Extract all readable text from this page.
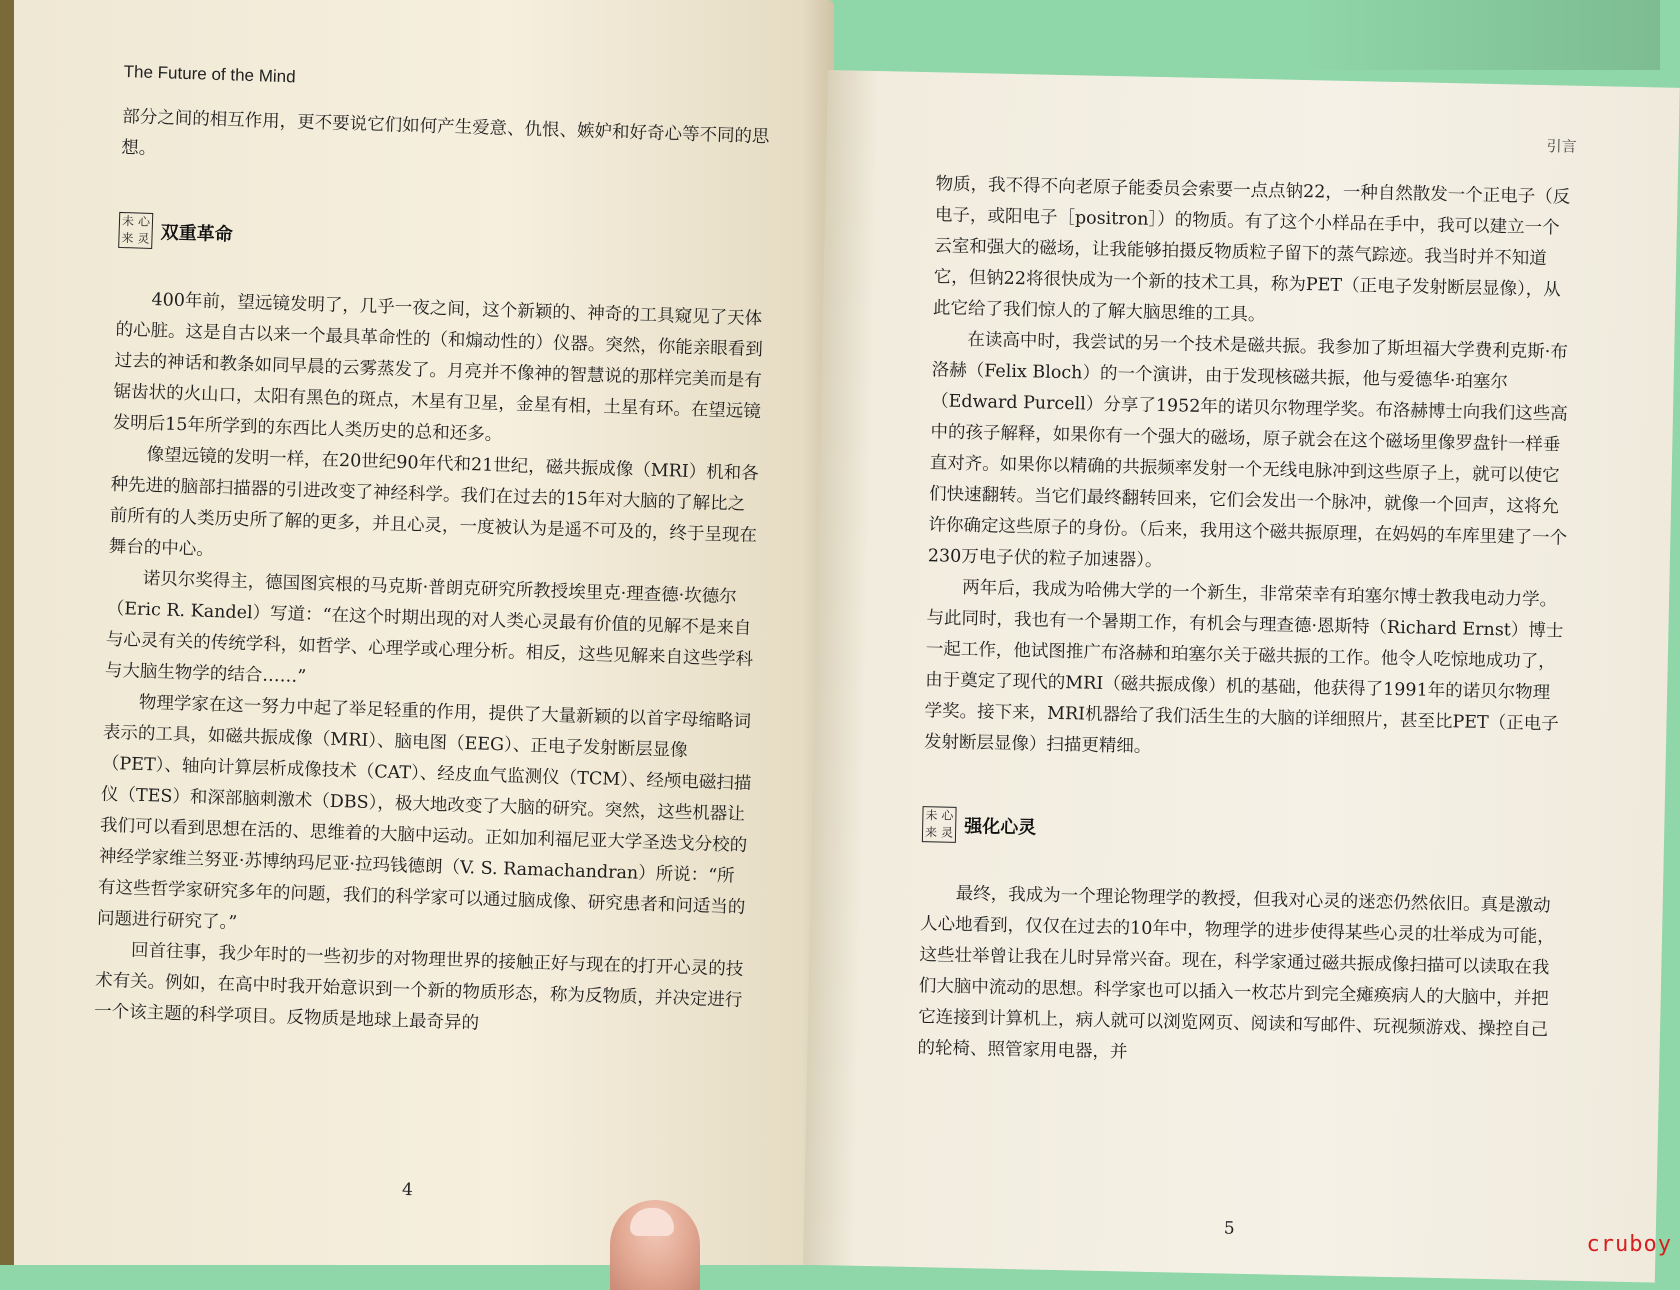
The Future of the Mind

部分之间的相互作用，更不要说它们如何产生爱意、仇恨、嫉妒和好奇心等不同的思想。

未 心
来 灵 双重革命

400年前，望远镜发明了，几乎一夜之间，这个新颖的、神奇的工具窥见了天体的心脏。这是自古以来一个最具革命性的（和煽动性的）仪器。突然，你能亲眼看到过去的神话和教条如同早晨的云雾蒸发了。月亮并不像神的智慧说的那样完美而是有锯齿状的火山口，太阳有黑色的斑点，木星有卫星，金星有相，土星有环。在望远镜发明后15年所学到的东西比人类历史的总和还多。

像望远镜的发明一样，在20世纪90年代和21世纪，磁共振成像（MRI）机和各种先进的脑部扫描器的引进改变了神经科学。我们在过去的15年对大脑的了解比之前所有的人类历史所了解的更多，并且心灵，一度被认为是遥不可及的，终于呈现在舞台的中心。

诺贝尔奖得主，德国图宾根的马克斯·普朗克研究所教授埃里克·理查德·坎德尔（Eric R. Kandel）写道：“在这个时期出现的对人类心灵最有价值的见解不是来自与心灵有关的传统学科，如哲学、心理学或心理分析。相反，这些见解来自这些学科与大脑生物学的结合……”

物理学家在这一努力中起了举足轻重的作用，提供了大量新颖的以首字母缩略词表示的工具，如磁共振成像（MRI）、脑电图（EEG）、正电子发射断层显像（PET）、轴向计算层析成像技术（CAT）、经皮血气监测仪（TCM）、经颅电磁扫描仪（TES）和深部脑刺激术（DBS），极大地改变了大脑的研究。突然，这些机器让我们可以看到思想在活的、思维着的大脑中运动。正如加利福尼亚大学圣迭戈分校的神经学家维兰努亚·苏博纳玛尼亚·拉玛钱德朗（V. S. Ramachandran）所说：“所有这些哲学家研究多年的问题，我们的科学家可以通过脑成像、研究患者和问适当的问题进行研究了。”

回首往事，我少年时的一些初步的对物理世界的接触正好与现在的打开心灵的技术有关。例如，在高中时我开始意识到一个新的物质形态，称为反物质，并决定进行一个该主题的科学项目。反物质是地球上最奇异的

4
引言

物质，我不得不向老原子能委员会索要一点点钠22，一种自然散发一个正电子（反电子，或阳电子［positron］）的物质。有了这个小样品在手中，我可以建立一个云室和强大的磁场，让我能够拍摄反物质粒子留下的蒸气踪迹。我当时并不知道它，但钠22将很快成为一个新的技术工具，称为PET（正电子发射断层显像），从此它给了我们惊人的了解大脑思维的工具。

在读高中时，我尝试的另一个技术是磁共振。我参加了斯坦福大学费利克斯·布洛赫（Felix Bloch）的一个演讲，由于发现核磁共振，他与爱德华·珀塞尔（Edward Purcell）分享了1952年的诺贝尔物理学奖。布洛赫博士向我们这些高中的孩子解释，如果你有一个强大的磁场，原子就会在这个磁场里像罗盘针一样垂直对齐。如果你以精确的共振频率发射一个无线电脉冲到这些原子上，就可以使它们快速翻转。当它们最终翻转回来，它们会发出一个脉冲，就像一个回声，这将允许你确定这些原子的身份。（后来，我用这个磁共振原理，在妈妈的车库里建了一个230万电子伏的粒子加速器）。

两年后，我成为哈佛大学的一个新生，非常荣幸有珀塞尔博士教我电动力学。与此同时，我也有一个暑期工作，有机会与理查德·恩斯特（Richard Ernst）博士一起工作，他试图推广布洛赫和珀塞尔关于磁共振的工作。他令人吃惊地成功了，由于奠定了现代的MRI（磁共振成像）机的基础，他获得了1991年的诺贝尔物理学奖。接下来，MRI机器给了我们活生生的大脑的详细照片，甚至比PET（正电子发射断层显像）扫描更精细。

未 心
来 灵 强化心灵

最终，我成为一个理论物理学的教授，但我对心灵的迷恋仍然依旧。真是激动人心地看到，仅仅在过去的10年中，物理学的进步使得某些心灵的壮举成为可能，这些壮举曾让我在儿时异常兴奋。现在，科学家通过磁共振成像扫描可以读取在我们大脑中流动的思想。科学家也可以插入一枚芯片到完全瘫痪病人的大脑中，并把它连接到计算机上，病人就可以浏览网页、阅读和写邮件、玩视频游戏、操控自己的轮椅、照管家用电器，并

5
cruboy
